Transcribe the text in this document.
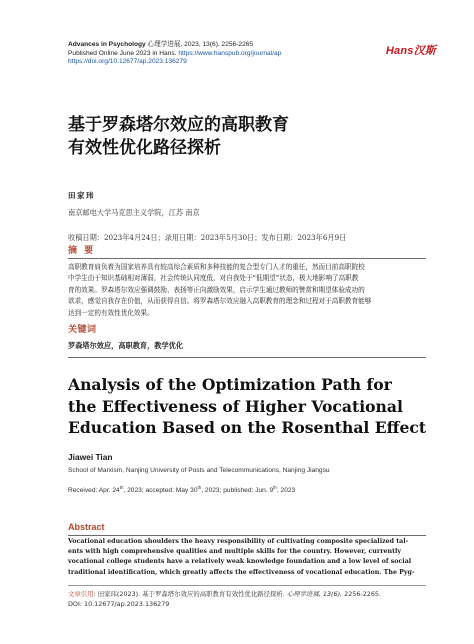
Advances in Psychology 心理学进展, 2023, 13(6), 2256-2265
Published Online June 2023 in Hans. https://www.hanspub.org/journal/ap
https://doi.org/10.12677/ap.2023.136279
Hans汉斯
基于罗森塔尔效应的高职教育
有效性优化路径探析
田家玮
南京邮电大学马克思主义学院，江苏 南京
收稿日期：2023年4月24日；录用日期：2023年5月30日；发布日期：2023年6月9日
摘 要
高职教育肩负着为国家培养具有较高综合素质和多种技能的复合型专门人才的重任，然而目前高职院校
中学生由于知识基础相对薄弱，社会传统认同度低，对自我处于“低期望”状态，极大地影响了高职教
育的效果。罗森塔尔效应强调鼓励、表扬等正向激励效果，启示学生通过教师的赞赏和期望体验成功的
欲求，感觉自我存在价值，从而获得自信。将罗森塔尔效应融入高职教育的理念和过程对于高职教育能够
达到一定的有效性优化效果。
关键词
罗森塔尔效应，高职教育，教学优化
Analysis of the Optimization Path for
the Effectiveness of Higher Vocational
Education Based on the Rosenthal Effect
Jiawei Tian
School of Marxism, Nanjing University of Posts and Telecommunications, Nanjing Jiangsu
Received: Apr. 24th, 2023; accepted: May 30th, 2023; published: Jun. 9th, 2023
Abstract
Vocational education shoulders the heavy responsibility of cultivating composite specialized tal-
ents with high comprehensive qualities and multiple skills for the country. However, currently
vocational college students have a relatively weak knowledge foundation and a low level of social
traditional identification, which greatly affects the effectiveness of vocational education. The Pyg-
文章引用: 田家玮(2023). 基于罗森塔尔效应的高职教育有效性优化路径探析. 心理学进展, 13(6), 2256-2265.
DOI: 10.12677/ap.2023.136279
